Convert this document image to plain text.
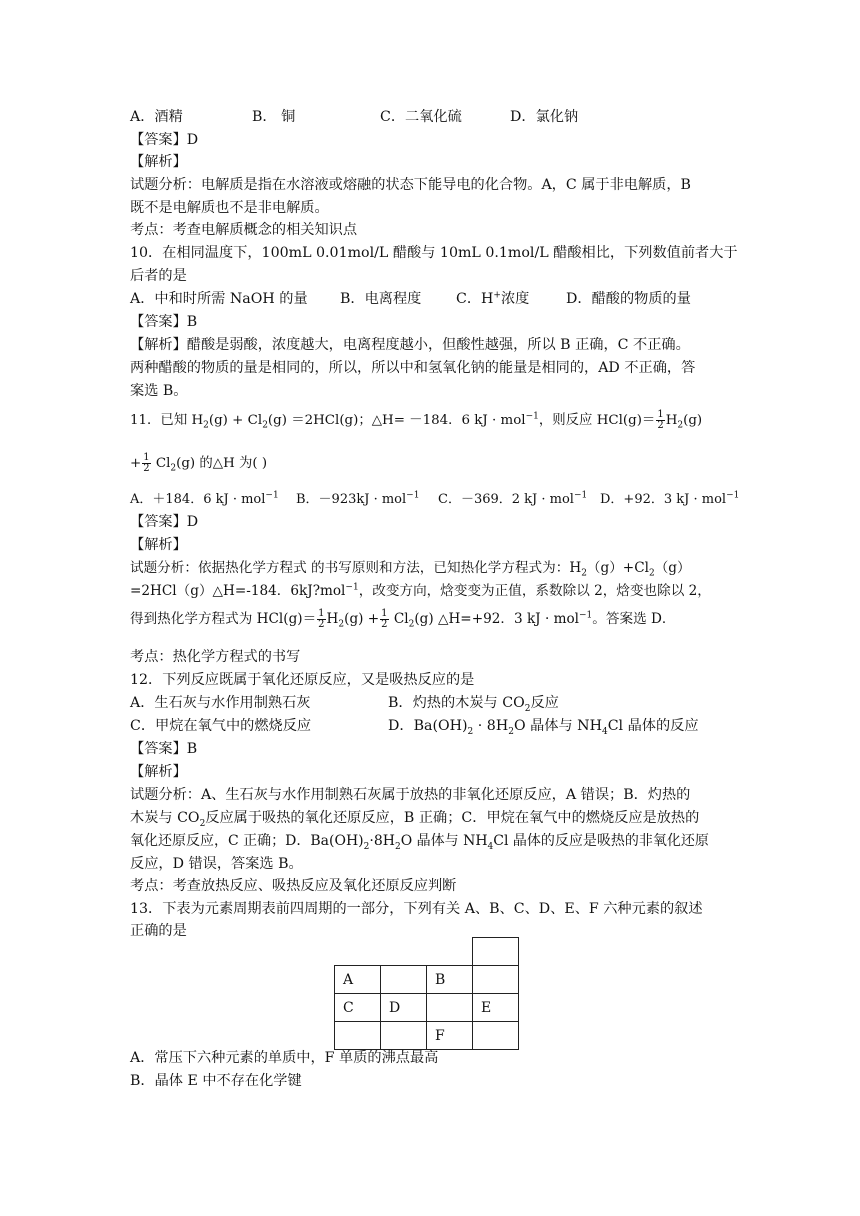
A．酒精	B． 铜	C．二氧化硫	D．氯化钠
【答案】D
【解析】
试题分析：电解质是指在水溶液或熔融的状态下能导电的化合物。A，C 属于非电解质，B
既不是电解质也不是非电解质。
考点：考查电解质概念的相关知识点
10．在相同温度下，100mL 0.01mol/L 醋酸与 10mL 0.1mol/L 醋酸相比，下列数值前者大于
后者的是
A．中和时所需 NaOH 的量 B．电离程度 C．H+浓度	D．醋酸的物质的量
【答案】B
【解析】醋酸是弱酸，浓度越大，电离程度越小，但酸性越强，所以 B 正确，C 不正确。
两种醋酸的物质的量是相同的，所以，所以中和氢氧化钠的能量是相同的，AD 不正确，答
案选 B。
11．已知 $H_2(g) + Cl_2(g) =2HCl(g)$；△H= －184．6 kJ · mol$^{-1}$，则反应 $HCl(g)= \frac{1}{2} H_2(g)$
+ $\frac{1}{2} Cl_2(g)$ 的△H 为( )
A．＋184．6 kJ · mol$^{-1}$ B．－923kJ · mol$^{-1}$ C．－369．2 kJ · mol$^{-1}$ D．+92．3 kJ · mol$^{-1}$
【答案】D
【解析】
试题分析：依据热化学方程式 的书写原则和方法，已知热化学方程式为：$H_2(g)+Cl_2(g)$
=2HCl（g）△H=-184．6kJ?mol$^{-1}$，改变方向，焓变变为正值，系数除以 2，焓变也除以 2，
得到热化学方程式为 $HCl(g)= \frac{1}{2} H_2(g) + \frac{1}{2} Cl_2(g)$ △H=+92．3 kJ · mol$^{-1}$。答案选 D．
考点：热化学方程式的书写
12．下列反应既属于氧化还原反应，又是吸热反应的是
A．生石灰与水作用制熟石灰	B．灼热的木炭与 $CO_2$反应
C．甲烷在氧气中的燃烧反应	D．$Ba(OH)_2 \cdot 8H_2O$ 晶体与 $NH_4Cl$ 晶体的反应
【答案】B
【解析】
试题分析：A、生石灰与水作用制熟石灰属于放热的非氧化还原反应，A 错误；B．灼热的
木炭与 $CO_2$反应属于吸热的氧化还原反应，B 正确；C．甲烷在氧气中的燃烧反应是放热的
氧化还原反应，C 正确；D．$Ba(OH)_2\cdot 8H_2O$ 晶体与 $NH_4Cl$ 晶体的反应是吸热的非氧化还原
反应，D 错误，答案选 B。
考点：考查放热反应、吸热反应及氧化还原反应判断
13．下表为元素周期表前四周期的一部分，下列有关 A、B、C、D、E、F 六种元素的叙述
正确的是

A		B	
C	D		E
		F	
A．常压下六种元素的单质中，F 单质的沸点最高
B．晶体 E 中不存在化学键
